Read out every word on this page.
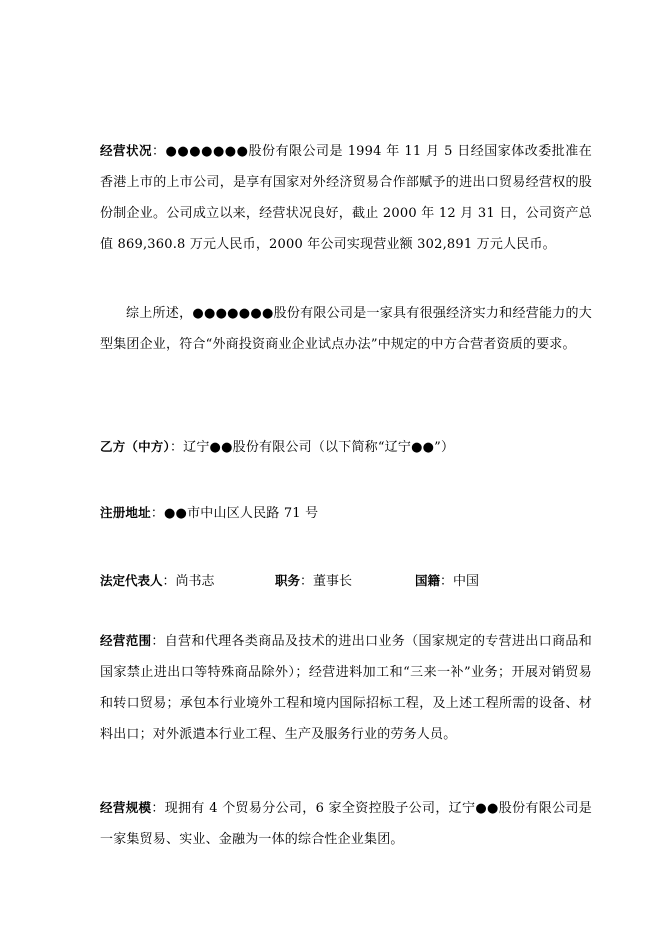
经营状况：●●●●●●●股份有限公司是 1994 年 11 月 5 日经国家体改委批准在香港上市的上市公司，是享有国家对外经济贸易合作部赋予的进出口贸易经营权的股份制企业。公司成立以来，经营状况良好，截止 2000 年 12 月 31 日，公司资产总值 869,360.8 万元人民币，2000 年公司实现营业额 302,891 万元人民币。

综上所述，●●●●●●●股份有限公司是一家具有很强经济实力和经营能力的大型集团企业，符合“外商投资商业企业试点办法”中规定的中方合营者资质的要求。

乙方（中方）：辽宁●●股份有限公司（以下简称“辽宁●●”）

注册地址：●●市中山区人民路 71 号

法定代表人：尚书志	职务：董事长	国籍：中国

经营范围：自营和代理各类商品及技术的进出口业务（国家规定的专营进出口商品和国家禁止进出口等特殊商品除外）；经营进料加工和“三来一补”业务；开展对销贸易和转口贸易；承包本行业境外工程和境内国际招标工程，及上述工程所需的设备、材料出口；对外派遣本行业工程、生产及服务行业的劳务人员。

经营规模：现拥有 4 个贸易分公司，6 家全资控股子公司，辽宁●●股份有限公司是一家集贸易、实业、金融为一体的综合性企业集团。
